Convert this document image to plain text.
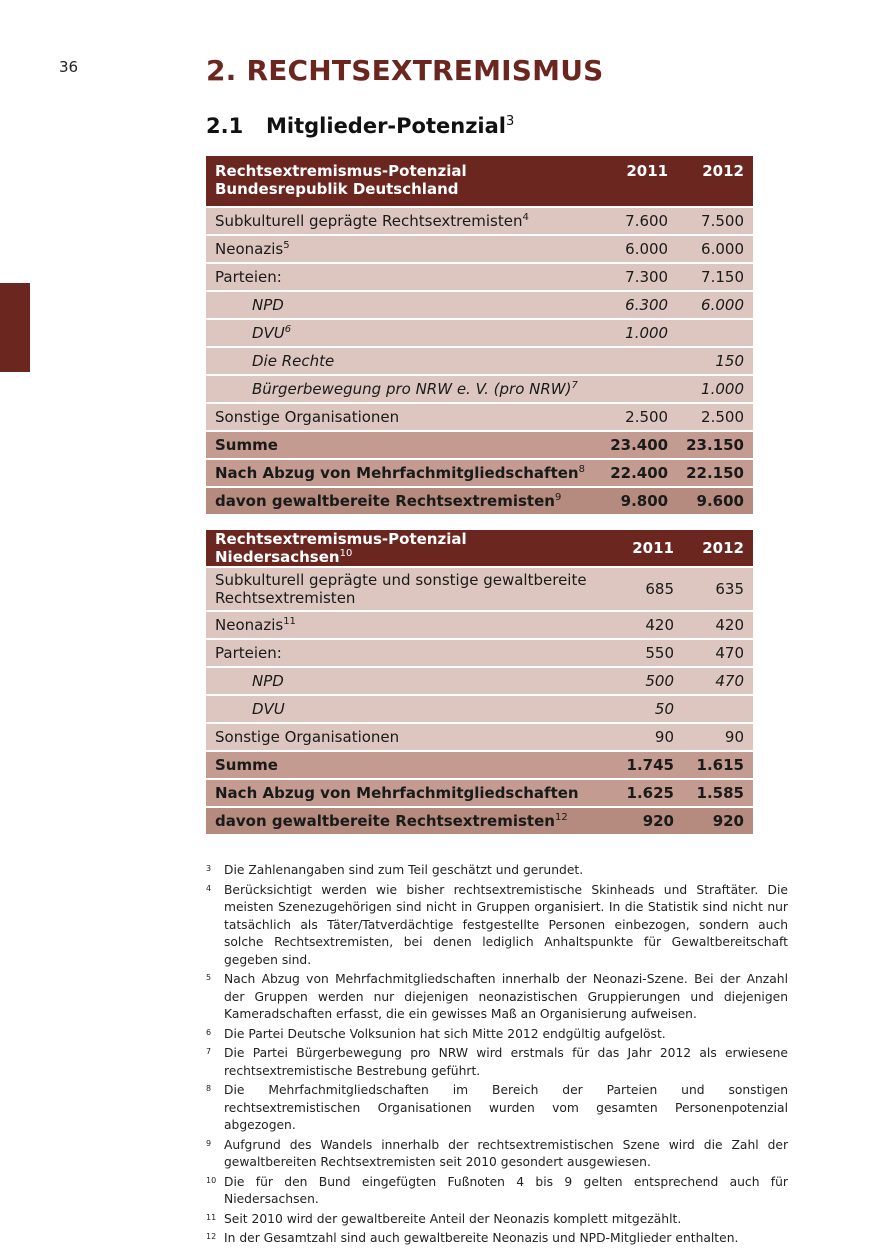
36	2. RECHTSEXTREMISMUS
2.1 Mitglieder-Potenzial$^3$
Rechtsextremismus-Potenzial
Bundesrepublik Deutschland	2011	2012
Subkulturell geprägte Rechtsextremisten$^4$	7.600	7.500
Neonazis$^5$	6.000	6.000
Parteien:	7.300	7.150
NPD	6.300	6.000
DVU$^6$	1.000	
Die Rechte		150
Bürgerbewegung pro NRW e. V. (pro NRW)$^7$		1.000
Sonstige Organisationen	2.500	2.500
Summe	23.400	23.150
Nach Abzug von Mehrfachmitgliedschaften$^8$	22.400	22.150
davon gewaltbereite Rechtsextremisten$^9$	9.800	9.600
Rechtsextremismus-Potenzial Niedersachsen$^{10}$	2011	2012
Subkulturell geprägte und sonstige gewaltbereite Rechtsextremisten	685	635
Neonazis$^{11}$	420	420
Parteien:	550	470
NPD	500	470
DVU	50	
Sonstige Organisationen	90	90
Summe	1.745	1.615
Nach Abzug von Mehrfachmitgliedschaften	1.625	1.585
davon gewaltbereite Rechtsextremisten$^{12}$	920	920
3	Die Zahlenangaben sind zum Teil geschätzt und gerundet.
4	Berücksichtigt werden wie bisher rechtsextremistische Skinheads und Straftäter. Die meisten Szenezugehörigen sind nicht in Gruppen organisiert. In die Statistik sind nicht nur tatsächlich als Täter/Tatverdächtige festgestellte Personen einbezogen, sondern auch solche Rechtsextremisten, bei denen lediglich Anhaltspunkte für Gewaltbereitschaft gegeben sind.
5	Nach Abzug von Mehrfachmitgliedschaften innerhalb der Neonazi-Szene. Bei der Anzahl der Gruppen werden nur diejenigen neonazistischen Gruppierungen und diejenigen Kameradschaften erfasst, die ein gewisses Maß an Organisierung aufweisen.
6	Die Partei Deutsche Volksunion hat sich Mitte 2012 endgültig aufgelöst.
7	Die Partei Bürgerbewegung pro NRW wird erstmals für das Jahr 2012 als erwiesene rechtsextremistische Bestrebung geführt.
8	Die Mehrfachmitgliedschaften im Bereich der Parteien und sonstigen rechtsextremistischen Organisationen wurden vom gesamten Personenpotenzial abgezogen.
9	Aufgrund des Wandels innerhalb der rechtsextremistischen Szene wird die Zahl der gewaltbereiten Rechtsextremisten seit 2010 gesondert ausgewiesen.
10 Die für den Bund eingefügten Fußnoten 4 bis 9 gelten entsprechend auch für Niedersachsen.
11 Seit 2010 wird der gewaltbereite Anteil der Neonazis komplett mitgezählt.
12 In der Gesamtzahl sind auch gewaltbereite Neonazis und NPD-Mitglieder enthalten.
